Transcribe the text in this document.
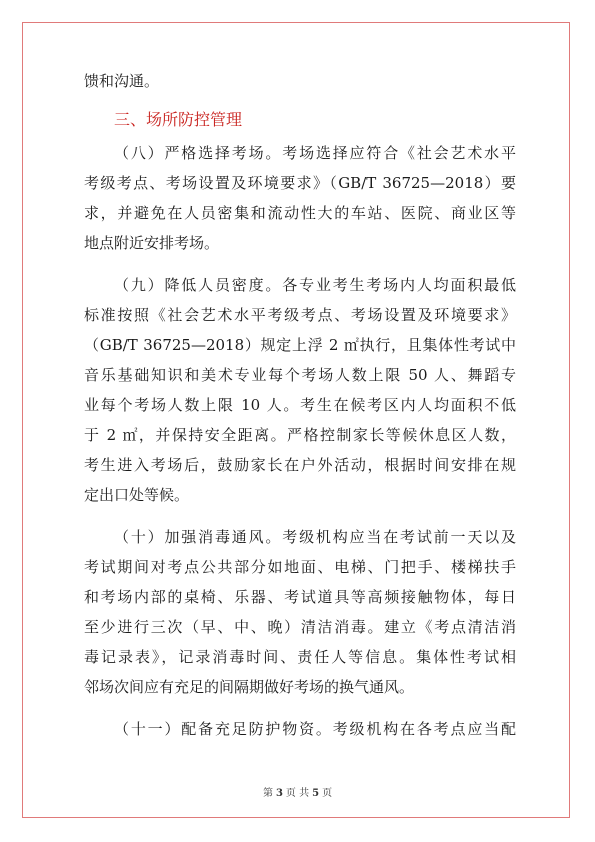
馈和沟通。
三、场所防控管理
（八）严格选择考场。考场选择应符合《社会艺术水平
考级考点、考场设置及环境要求》（GB/T 36725—2018）要
求，并避免在人员密集和流动性大的车站、医院、商业区等
地点附近安排考场。
（九）降低人员密度。各专业考生考场内人均面积最低
标准按照《社会艺术水平考级考点、考场设置及环境要求》
（GB/T 36725—2018）规定上浮 2 ㎡执行，且集体性考试中
音乐基础知识和美术专业每个考场人数上限 50 人、舞蹈专
业每个考场人数上限 10 人。考生在候考区内人均面积不低
于 2 ㎡，并保持安全距离。严格控制家长等候休息区人数，
考生进入考场后，鼓励家长在户外活动，根据时间安排在规
定出口处等候。
（十）加强消毒通风。考级机构应当在考试前一天以及
考试期间对考点公共部分如地面、电梯、门把手、楼梯扶手
和考场内部的桌椅、乐器、考试道具等高频接触物体，每日
至少进行三次（早、中、晚）清洁消毒。建立《考点清洁消
毒记录表》，记录消毒时间、责任人等信息。集体性考试相
邻场次间应有充足的间隔期做好考场的换气通风。
（十一）配备充足防护物资。考级机构在各考点应当配
第 3 页 共 5 页
